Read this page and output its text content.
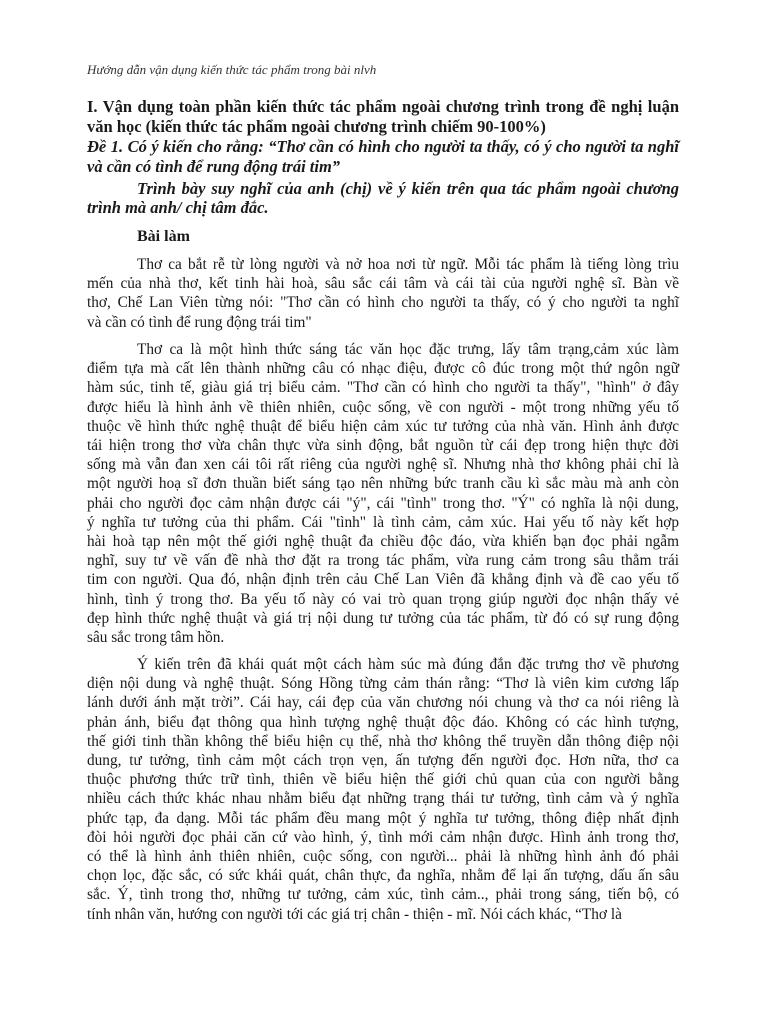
Hướng dẫn vận dụng kiến thức tác phẩm trong bài nlvh
I. Vận dụng toàn phần kiến thức tác phẩm ngoài chương trình trong đề nghị luận
văn học (kiến thức tác phẩm ngoài chương trình chiếm 90-100%)
Đề 1. Có ý kiến cho rằng: “Thơ cần có hình cho người ta thấy, có ý cho người ta nghĩ
và cần có tình để rung động trái tim”
Trình bày suy nghĩ của anh (chị) về ý kiến trên qua tác phẩm ngoài chương
trình mà anh/ chị tâm đắc.
Bài làm
Thơ ca bắt rễ từ lòng người và nở hoa nơi từ ngữ. Mỗi tác phẩm là tiếng lòng trìu
mến của nhà thơ, kết tinh hài hoà, sâu sắc cái tâm và cái tài của người nghệ sĩ. Bàn về
thơ, Chế Lan Viên từng nói: "Thơ cần có hình cho người ta thấy, có ý cho người ta nghĩ
và cần có tình để rung động trái tim"
Thơ ca là một hình thức sáng tác văn học đặc trưng, lấy tâm trạng,cảm xúc làm
điểm tựa mà cất lên thành những câu có nhạc điệu, được cô đúc trong một thứ ngôn ngữ
hàm súc, tinh tế, giàu giá trị biểu cảm. "Thơ cần có hình cho người ta thấy", "hình" ở đây
được hiểu là hình ảnh về thiên nhiên, cuộc sống, về con người - một trong những yếu tố
thuộc về hình thức nghệ thuật để biểu hiện cảm xúc tư tưởng của nhà văn. Hình ảnh được
tái hiện trong thơ vừa chân thực vừa sinh động, bắt nguồn từ cái đẹp trong hiện thực đời
sống mà vẫn đan xen cái tôi rất riêng của người nghệ sĩ. Nhưng nhà thơ không phải chỉ là
một người hoạ sĩ đơn thuần biết sáng tạo nên những bức tranh cầu kì sắc màu mà anh còn
phải cho người đọc cảm nhận được cái "ý", cái "tình" trong thơ. "Ý" có nghĩa là nội dung,
ý nghĩa tư tưởng của thi phẩm. Cái "tình" là tình cảm, cảm xúc. Hai yếu tố này kết hợp
hài hoà tạp nên một thế giới nghệ thuật đa chiều độc đáo, vừa khiến bạn đọc phải ngẫm
nghĩ, suy tư về vấn đề nhà thơ đặt ra trong tác phẩm, vừa rung cảm trong sâu thẳm trái
tim con người. Qua đó, nhận định trên cảu Chế Lan Viên đã khẳng định và đề cao yếu tố
hình, tình ý trong thơ. Ba yếu tố này có vai trò quan trọng giúp người đọc nhận thấy vẻ
đẹp hình thức nghệ thuật và giá trị nội dung tư tưởng của tác phẩm, từ đó có sự rung động
sâu sắc trong tâm hồn.
Ý kiến trên đã khái quát một cách hàm súc mà đúng đắn đặc trưng thơ về phương
diện nội dung và nghệ thuật. Sóng Hồng từng cảm thán rằng: “Thơ là viên kim cương lấp
lánh dưới ánh mặt trời”. Cái hay, cái đẹp của văn chương nói chung và thơ ca nói riêng là
phản ánh, biểu đạt thông qua hình tượng nghệ thuật độc đáo. Không có các hình tượng,
thế giới tinh thần không thể biểu hiện cụ thể, nhà thơ không thể truyền dẫn thông điệp nội
dung, tư tưởng, tình cảm một cách trọn vẹn, ấn tượng đến người đọc. Hơn nữa, thơ ca
thuộc phương thức trữ tình, thiên về biểu hiện thế giới chủ quan của con người bằng
nhiều cách thức khác nhau nhằm biểu đạt những trạng thái tư tưởng, tình cảm và ý nghĩa
phức tạp, đa dạng. Mỗi tác phẩm đều mang một ý nghĩa tư tưởng, thông điệp nhất định
đòi hỏi người đọc phải căn cứ vào hình, ý, tình mới cảm nhận được. Hình ảnh trong thơ,
có thể là hình ảnh thiên nhiên, cuộc sống, con người... phải là những hình ảnh đó phải
chọn lọc, đặc sắc, có sức khái quát, chân thực, đa nghĩa, nhằm để lại ấn tượng, dấu ấn sâu
sắc. Ý, tình trong thơ, những tư tưởng, cảm xúc, tình cảm.., phải trong sáng, tiến bộ, có
tính nhân văn, hướng con người tới các giá trị chân - thiện - mĩ. Nói cách khác, “Thơ là
